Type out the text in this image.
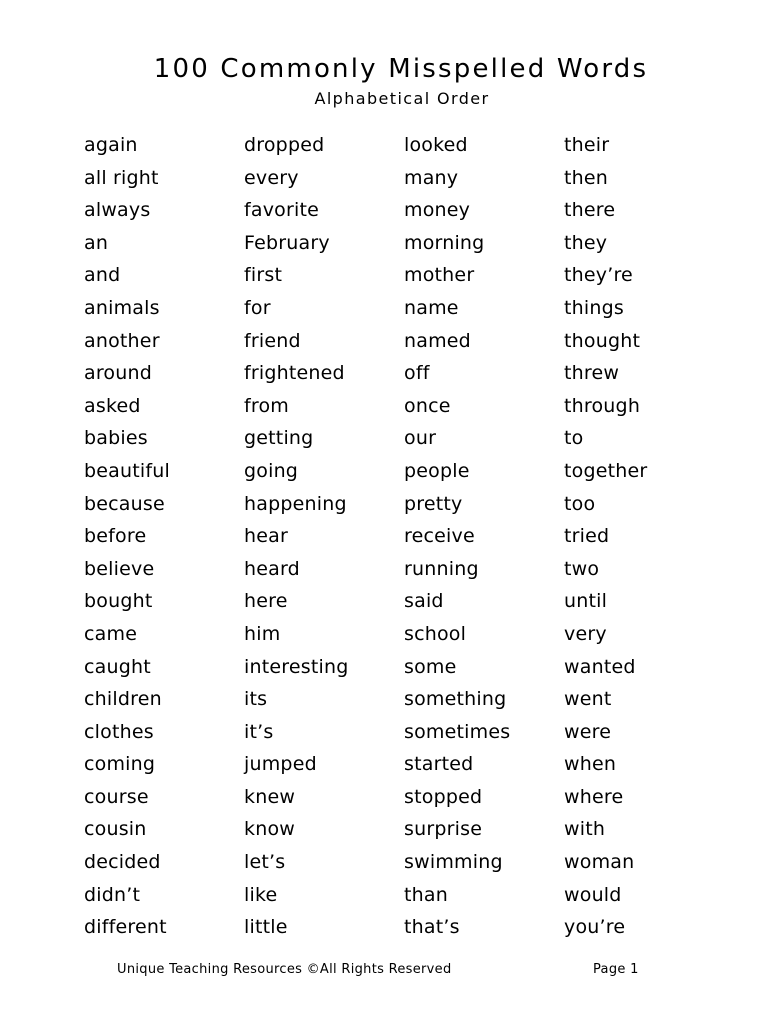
100 Commonly Misspelled Words
Alphabetical Order
again
all right
always
an
and
animals
another
around
asked
babies
beautiful
because
before
believe
bought
came
caught
children
clothes
coming
course
cousin
decided
didn’t
different
dropped
every
favorite
February
first
for
friend
frightened
from
getting
going
happening
hear
heard
here
him
interesting
its
it’s
jumped
knew
know
let’s
like
little
looked
many
money
morning
mother
name
named
off
once
our
people
pretty
receive
running
said
school
some
something
sometimes
started
stopped
surprise
swimming
than
that’s
their
then
there
they
they’re
things
thought
threw
through
to
together
too
tried
two
until
very
wanted
went
were
when
where
with
woman
would
you’re
Unique Teaching Resources ©All Rights Reserved	Page 1
